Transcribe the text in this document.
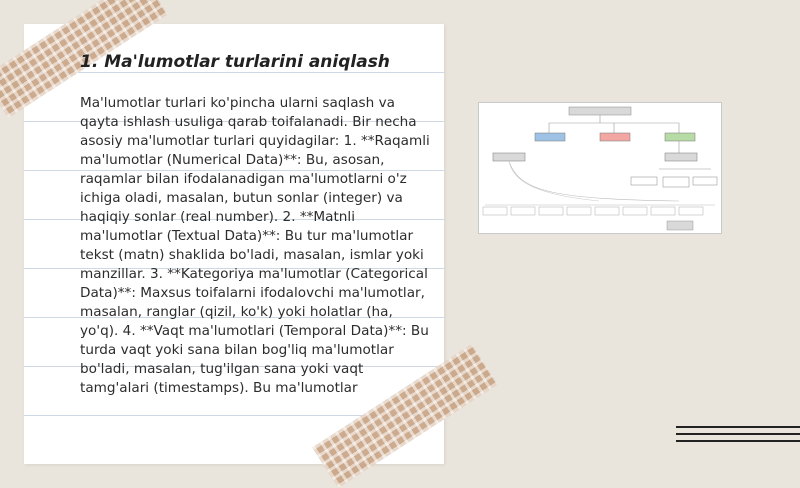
1. Ma'lumotlar turlarini aniqlash

Ma'lumotlar turlari ko'pincha ularni saqlash va qayta ishlash usuliga qarab toifalanadi. Bir necha asosiy ma'lumotlar turlari quyidagilar: 1. **Raqamli ma'lumotlar (Numerical Data)**: Bu, asosan, raqamlar bilan ifodalanadigan ma'lumotlarni o'z ichiga oladi, masalan, butun sonlar (integer) va haqiqiy sonlar (real number). 2. **Matnli ma'lumotlar (Textual Data)**: Bu tur ma'lumotlar tekst (matn) shaklida bo'ladi, masalan, ismlar yoki manzillar. 3. **Kategoriya ma'lumotlar (Categorical Data)**: Maxsus toifalarni ifodalovchi ma'lumotlar, masalan, ranglar (qizil, ko'k) yoki holatlar (ha, yo'q). 4. **Vaqt ma'lumotlari (Temporal Data)**: Bu turda vaqt yoki sana bilan bog'liq ma'lumotlar bo'ladi, masalan, tug'ilgan sana yoki vaqt tamg'alari (timestamps). Bu ma'lumotlar
